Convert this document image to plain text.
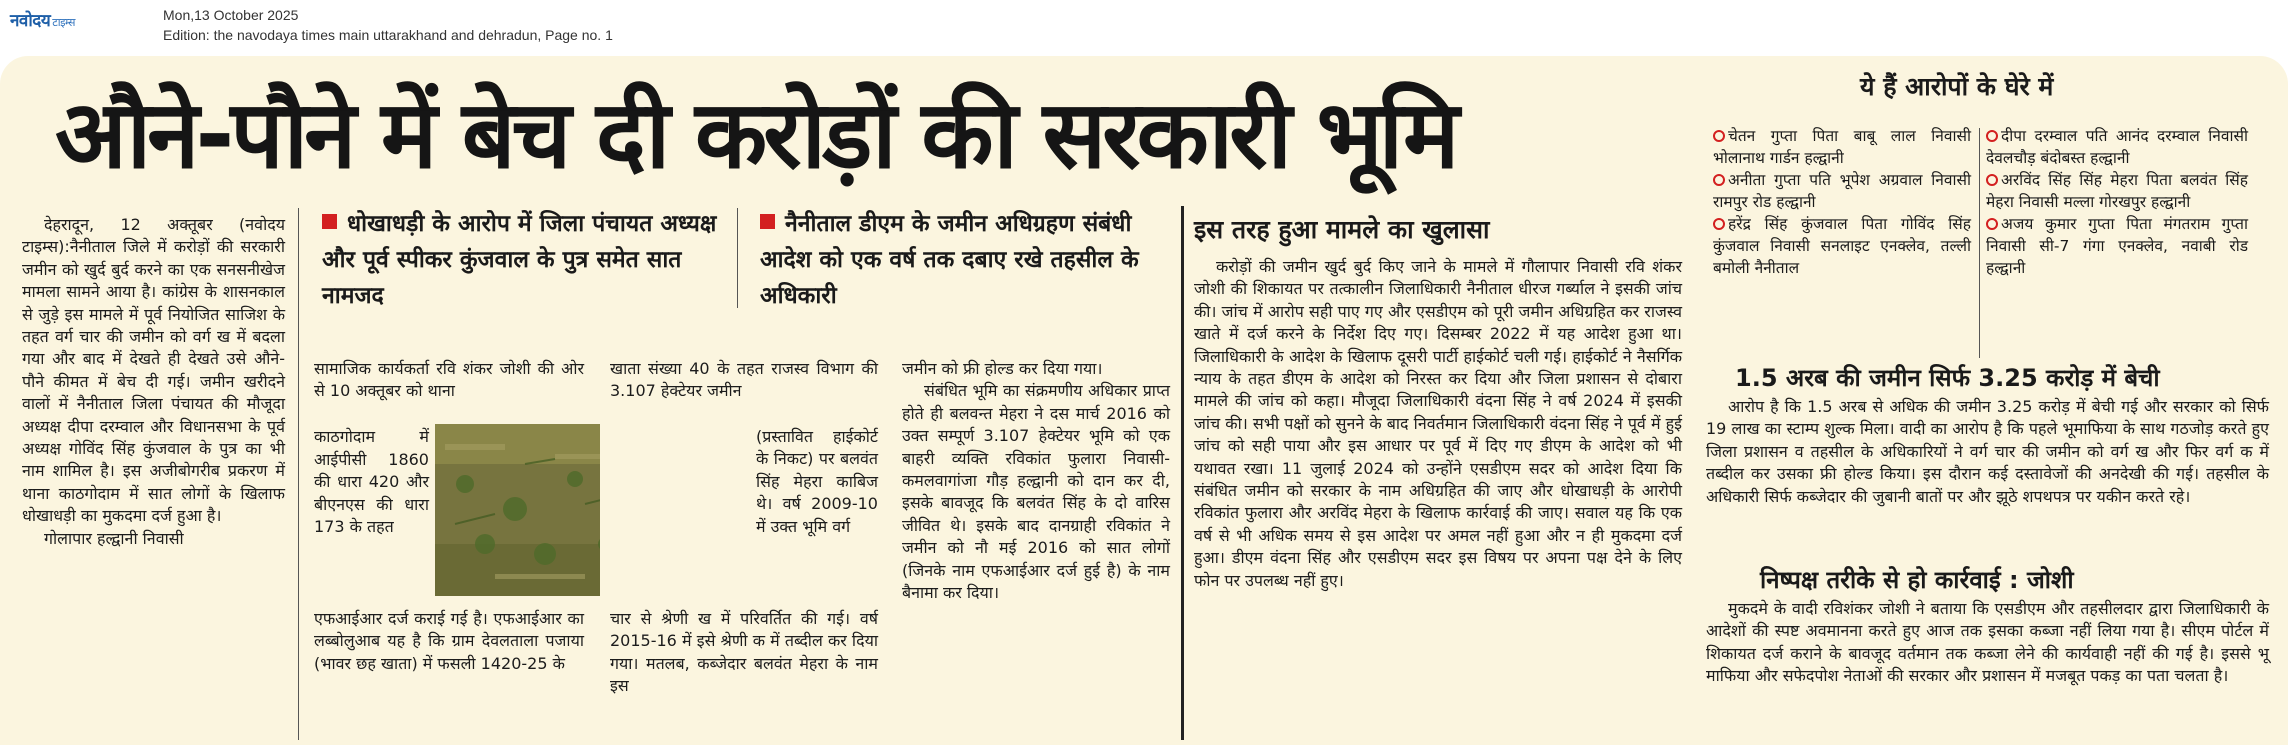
नवोदय टाइम्स	Mon,13 October 2025
Edition: the navodaya times main uttarakhand and dehradun, Page no. 1
औने-पौने में बेच दी करोड़ों की सरकारी भूमि

देहरादून, 12 अक्तूबर (नवोदय टाइम्स):नैनीताल जिले में करोड़ों की सरकारी जमीन को खुर्द बुर्द करने का एक सनसनीखेज मामला सामने आया है। कांग्रेस के शासनकाल से जुड़े इस मामले में पूर्व नियोजित साजिश के तहत वर्ग चार की जमीन को वर्ग ख में बदला गया और बाद में देखते ही देखते उसे औने-पौने कीमत में बेच दी गई। जमीन खरीदने वालों में नैनीताल जिला पंचायत की मौजूदा अध्यक्ष दीपा दरम्वाल और विधानसभा के पूर्व अध्यक्ष गोविंद सिंह कुंजवाल के पुत्र का भी नाम शामिल है। इस अजीबोगरीब प्रकरण में थाना काठगोदाम में सात लोगों के खिलाफ धोखाधड़ी का मुकदमा दर्ज हुआ है।

गोलापार हल्द्वानी निवासी

धोखाधड़ी के आरोप में जिला पंचायत अध्यक्ष और पूर्व स्पीकर कुंजवाल के पुत्र समेत सात नामजद
नैनीताल डीएम के जमीन अधिग्रहण संबंधी आदेश को एक वर्ष तक दबाए रखे तहसील के अधिकारी

सामाजिक कार्यकर्ता रवि शंकर जोशी की ओर से 10 अक्तूबर को थाना

काठगोदाम में आईपीसी 1860 की धारा 420 और बीएनएस की धारा 173 के तहत

एफआईआर दर्ज कराई गई है। एफआईआर का लब्बोलुआब यह है कि ग्राम देवलताला पजाया (भावर छह खाता) में फसली 1420-25 के

खाता संख्या 40 के तहत राजस्व विभाग की 3.107 हेक्टेयर जमीन

(प्रस्तावित हाईकोर्ट के निकट) पर बलवंत सिंह मेहरा काबिज थे। वर्ष 2009-10 में उक्त भूमि वर्ग

चार से श्रेणी ख में परिवर्तित की गई। वर्ष 2015-16 में इसे श्रेणी क में तब्दील कर दिया गया। मतलब, कब्जेदार बलवंत मेहरा के नाम इस

जमीन को फ्री होल्ड कर दिया गया।

संबंधित भूमि का संक्रमणीय अधिकार प्राप्त होते ही बलवन्त मेहरा ने दस मार्च 2016 को उक्त सम्पूर्ण 3.107 हेक्टेयर भूमि को एक बाहरी व्यक्ति रविकांत फुलारा निवासी-कमलवागांजा गौड़ हल्द्वानी को दान कर दी, इसके बावजूद कि बलवंत सिंह के दो वारिस जीवित थे। इसके बाद दानग्राही रविकांत ने जमीन को नौ मई 2016 को सात लोगों (जिनके नाम एफआईआर दर्ज हुई है) के नाम बैनामा कर दिया।

इस तरह हुआ मामले का खुलासा

करोड़ों की जमीन खुर्द बुर्द किए जाने के मामले में गौलापार निवासी रवि शंकर जोशी की शिकायत पर तत्कालीन जिलाधिकारी नैनीताल धीरज गर्ब्याल ने इसकी जांच की। जांच में आरोप सही पाए गए और एसडीएम को पूरी जमीन अधिग्रहित कर राजस्व खाते में दर्ज करने के निर्देश दिए गए। दिसम्बर 2022 में यह आदेश हुआ था। जिलाधिकारी के आदेश के खिलाफ दूसरी पार्टी हाईकोर्ट चली गई। हाईकोर्ट ने नैसर्गिक न्याय के तहत डीएम के आदेश को निरस्त कर दिया और जिला प्रशासन से दोबारा मामले की जांच को कहा। मौजूदा जिलाधिकारी वंदना सिंह ने वर्ष 2024 में इसकी जांच की। सभी पक्षों को सुनने के बाद निवर्तमान जिलाधिकारी वंदना सिंह ने पूर्व में हुई जांच को सही पाया और इस आधार पर पूर्व में दिए गए डीएम के आदेश को भी यथावत रखा। 11 जुलाई 2024 को उन्होंने एसडीएम सदर को आदेश दिया कि संबंधित जमीन को सरकार के नाम अधिग्रहित की जाए और धोखाधड़ी के आरोपी रविकांत फुलारा और अरविंद मेहरा के खिलाफ कार्रवाई की जाए। सवाल यह कि एक वर्ष से भी अधिक समय से इस आदेश पर अमल नहीं हुआ और न ही मुकदमा दर्ज हुआ। डीएम वंदना सिंह और एसडीएम सदर इस विषय पर अपना पक्ष देने के लिए फोन पर उपलब्ध नहीं हुए।

ये हैं आरोपों के घेरे में
चेतन गुप्ता पिता बाबू लाल निवासी भोलानाथ गार्डन हल्द्वानी
अनीता गुप्ता पति भूपेश अग्रवाल निवासी रामपुर रोड हल्द्वानी
हरेंद्र सिंह कुंजवाल पिता गोविंद सिंह कुंजवाल निवासी सनलाइट एनक्लेव, तल्ली बमोली नैनीताल
दीपा दरम्वाल पति आनंद दरम्वाल निवासी देवलचौड़ बंदोबस्त हल्द्वानी
अरविंद सिंह सिंह मेहरा पिता बलवंत सिंह मेहरा निवासी मल्ला गोरखपुर हल्द्वानी
अजय कुमार गुप्ता पिता मंगतराम गुप्ता निवासी सी-7 गंगा एनक्लेव, नवाबी रोड हल्द्वानी
1.5 अरब की जमीन सिर्फ 3.25 करोड़ में बेची

आरोप है कि 1.5 अरब से अधिक की जमीन 3.25 करोड़ में बेची गई और सरकार को सिर्फ 19 लाख का स्टाम्प शुल्क मिला। वादी का आरोप है कि पहले भूमाफिया के साथ गठजोड़ करते हुए जिला प्रशासन व तहसील के अधिकारियों ने वर्ग चार की जमीन को वर्ग ख और फिर वर्ग क में तब्दील कर उसका फ्री होल्ड किया। इस दौरान कई दस्तावेजों की अनदेखी की गई। तहसील के अधिकारी सिर्फ कब्जेदार की जुबानी बातों पर और झूठे शपथपत्र पर यकीन करते रहे।

निष्पक्ष तरीके से हो कार्रवाई : जोशी

मुकदमे के वादी रविशंकर जोशी ने बताया कि एसडीएम और तहसीलदार द्वारा जिलाधिकारी के आदेशों की स्पष्ट अवमानना करते हुए आज तक इसका कब्जा नहीं लिया गया है। सीएम पोर्टल में शिकायत दर्ज कराने के बावजूद वर्तमान तक कब्जा लेने की कार्यवाही नहीं की गई है। इससे भू माफिया और सफेदपोश नेताओं की सरकार और प्रशासन में मजबूत पकड़ का पता चलता है।
